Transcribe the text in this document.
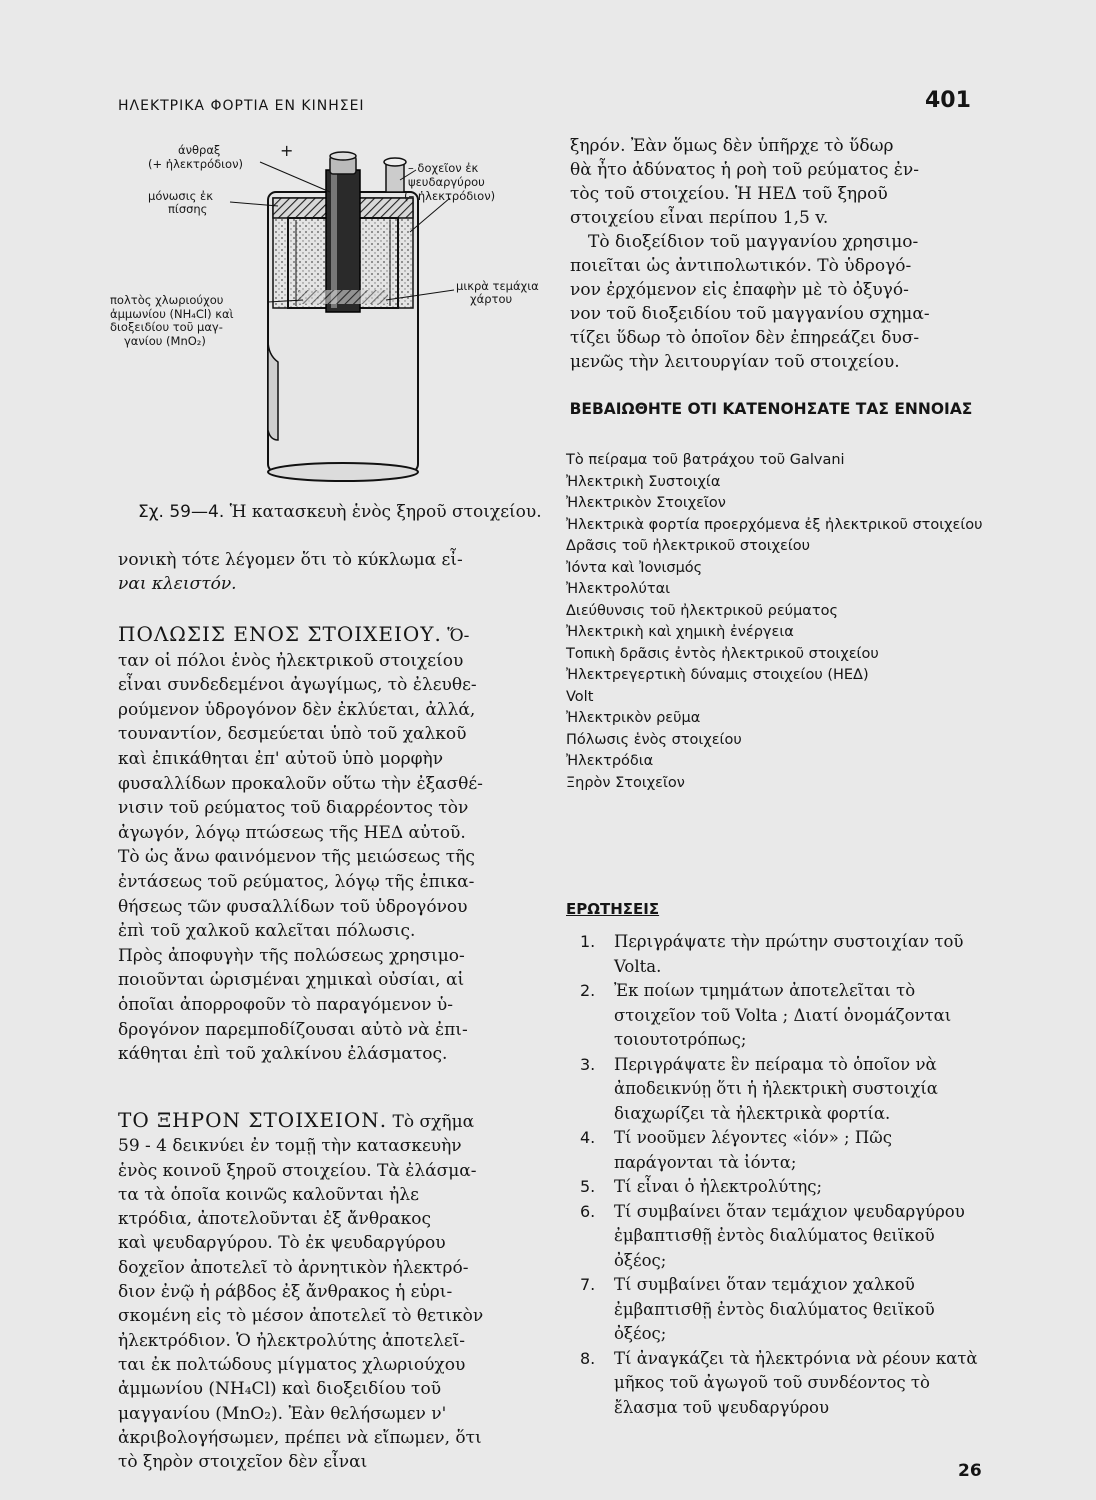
ΗΛΕΚΤΡΙΚΑ ΦΟΡΤΙΑ ΕΝ ΚΙΝΗΣΕΙ	401
άνθραξ
(+ ἠλεκτρόδιον)
+
μόνωσις ἐκ
πίσσης
– δοχεῖον ἐκ
ψευδαργύρου
(– ἠλεκτρόδιον)
πολτὸς χλωριούχου
ἀμμωνίου (NH₄Cl) καὶ
διοξειδίου τοῦ μαγ-
γανίου (MnO₂)
μικρὰ τεμάχια
χάρτου
Σχ. 59—4. Ἡ κατασκευὴ ἑνὸς ξηροῦ στοιχείου.

νονικὴ τότε λέγομεν ὅτι τὸ κύκλωμα εἶ-

ναι κλειστόν.

ΠΟΛΩΣΙΣ ΕΝΟΣ ΣΤΟΙΧΕΙΟΥ. Ὅ-

ταν οἱ πόλοι ἑνὸς ἠλεκτρικοῦ στοιχείου

εἶναι συνδεδεμένοι ἀγωγίμως, τὸ ἐλευθε-

ρούμενον ὑδρογόνον δὲν ἐκλύεται, ἀλλά,

τουναντίον, δεσμεύεται ὑπὸ τοῦ χαλκοῦ

καὶ ἐπικάθηται ἐπ' αὐτοῦ ὑπὸ μορφὴν

φυσαλλίδων προκαλοῦν οὕτω τὴν ἐξασθέ-

νισιν τοῦ ρεύματος τοῦ διαρρέοντος τὸν

ἀγωγόν, λόγῳ πτώσεως τῆς ΗΕΔ αὐτοῦ.

Τὸ ὡς ἄνω φαινόμενον τῆς μειώσεως τῆς

ἐντάσεως τοῦ ρεύματος, λόγῳ τῆς ἐπικα-

θήσεως τῶν φυσαλλίδων τοῦ ὑδρογόνου

ἐπὶ τοῦ χαλκοῦ καλεῖται πόλωσις.

Πρὸς ἀποφυγὴν τῆς πολώσεως χρησιμο-

ποιοῦνται ὡρισμέναι χημικαὶ οὐσίαι, αἱ

ὁποῖαι ἀπορροφοῦν τὸ παραγόμενον ὑ-

δρογόνον παρεμποδίζουσαι αὐτὸ νὰ ἐπι-

κάθηται ἐπὶ τοῦ χαλκίνου ἐλάσματος.

ΤΟ ΞΗΡΟΝ ΣΤΟΙΧΕΙΟΝ. Τὸ σχῆμα

59 - 4 δεικνύει ἐν τομῇ τὴν κατασκευὴν

ἑνὸς κοινοῦ ξηροῦ στοιχείου. Τὰ ἐλάσμα-

τα τὰ ὁποῖα κοινῶς καλοῦνται ἠλε

κτρόδια, ἀποτελοῦνται ἐξ ἄνθρακος

καὶ ψευδαργύρου. Τὸ ἐκ ψευδαργύρου

δοχεῖον ἀποτελεῖ τὸ ἀρνητικὸν ἠλεκτρό-

διον ἐνῷ ἡ ράβδος ἐξ ἄνθρακος ἡ εὑρι-

σκομένη εἰς τὸ μέσον ἀποτελεῖ τὸ θετικὸν

ἠλεκτρόδιον. Ὁ ἠλεκτρολύτης ἀποτελεῖ-

ται ἐκ πολτώδους μίγματος χλωριούχου

ἀμμωνίου (NH₄Cl) καὶ διοξειδίου τοῦ

μαγγανίου (MnO₂). Ἐὰν θελήσωμεν ν'

ἀκριβολογήσωμεν, πρέπει νὰ εἴπωμεν, ὅτι

τὸ ξηρὸν στοιχεῖον δὲν εἶναι

ξηρόν. Ἐὰν ὅμως δὲν ὑπῆρχε τὸ ὕδωρ

θὰ ἦτο ἀδύνατος ἡ ροὴ τοῦ ρεύματος ἐν-

τὸς τοῦ στοιχείου. Ἡ ΗΕΔ τοῦ ξηροῦ

στοιχείου εἶναι περίπου 1,5 v.

Τὸ διοξείδιον τοῦ μαγγανίου χρησιμο-

ποιεῖται ὡς ἀντιπολωτικόν. Τὸ ὑδρογό-

νον ἐρχόμενον εἰς ἐπαφὴν μὲ τὸ ὀξυγό-

νον τοῦ διοξειδίου τοῦ μαγγανίου σχημα-

τίζει ὕδωρ τὸ ὁποῖον δὲν ἐπηρεάζει δυσ-

μενῶς τὴν λειτουργίαν τοῦ στοιχείου.

ΒΕΒΑΙΩΘΗΤΕ ΟΤΙ ΚΑΤΕΝΟΗΣΑΤΕ ΤΑΣ ΕΝΝΟΙΑΣ
Τὸ πείραμα τοῦ βατράχου τοῦ Galvani
Ἠλεκτρικὴ Συστοιχία
Ἠλεκτρικὸν Στοιχεῖον
Ἠλεκτρικὰ φορτία προερχόμενα ἐξ ἠλεκτρικοῦ στοιχείου
Δρᾶσις τοῦ ἠλεκτρικοῦ στοιχείου
Ἰόντα καὶ Ἰονισμός
Ἠλεκτρολύται
Διεύθυνσις τοῦ ἠλεκτρικοῦ ρεύματος
Ἠλεκτρικὴ καὶ χημικὴ ἐνέργεια
Τοπικὴ δρᾶσις ἐντὸς ἠλεκτρικοῦ στοιχείου
Ἠλεκτρεγερτικὴ δύναμις στοιχείου (ΗΕΔ)
Volt
Ἠλεκτρικὸν ρεῦμα
Πόλωσις ἑνὸς στοιχείου
Ἠλεκτρόδια
Ξηρὸν Στοιχεῖον
ΕΡΩΤΗΣΕΙΣ
1. Περιγράψατε τὴν πρώτην συστοιχίαν τοῦ Volta.
2. Ἐκ ποίων τμημάτων ἀποτελεῖται τὸ στοιχεῖον τοῦ Volta ; Διατί ὀνομάζονται τοιουτοτρόπως;
3. Περιγράψατε ἓν πείραμα τὸ ὁποῖον νὰ ἀποδεικνύῃ ὅτι ἡ ἠλεκτρικὴ συστοιχία διαχωρίζει τὰ ἠλεκτρικὰ φορτία.
4. Τί νοοῦμεν λέγοντες «ἰόν» ; Πῶς παράγονται τὰ ἰόντα;
5. Τί εἶναι ὁ ἠλεκτρολύτης;
6. Τί συμβαίνει ὅταν τεμάχιον ψευδαργύρου ἐμβαπτισθῇ ἐντὸς διαλύματος θειϊκοῦ ὀξέος;
7. Τί συμβαίνει ὅταν τεμάχιον χαλκοῦ ἐμβαπτισθῇ ἐντὸς διαλύματος θειϊκοῦ ὀξέος;
8. Τί ἀναγκάζει τὰ ἠλεκτρόνια νὰ ρέουν κατὰ μῆκος τοῦ ἀγωγοῦ τοῦ συνδέοντος τὸ ἔλασμα τοῦ ψευδαργύρου
26
